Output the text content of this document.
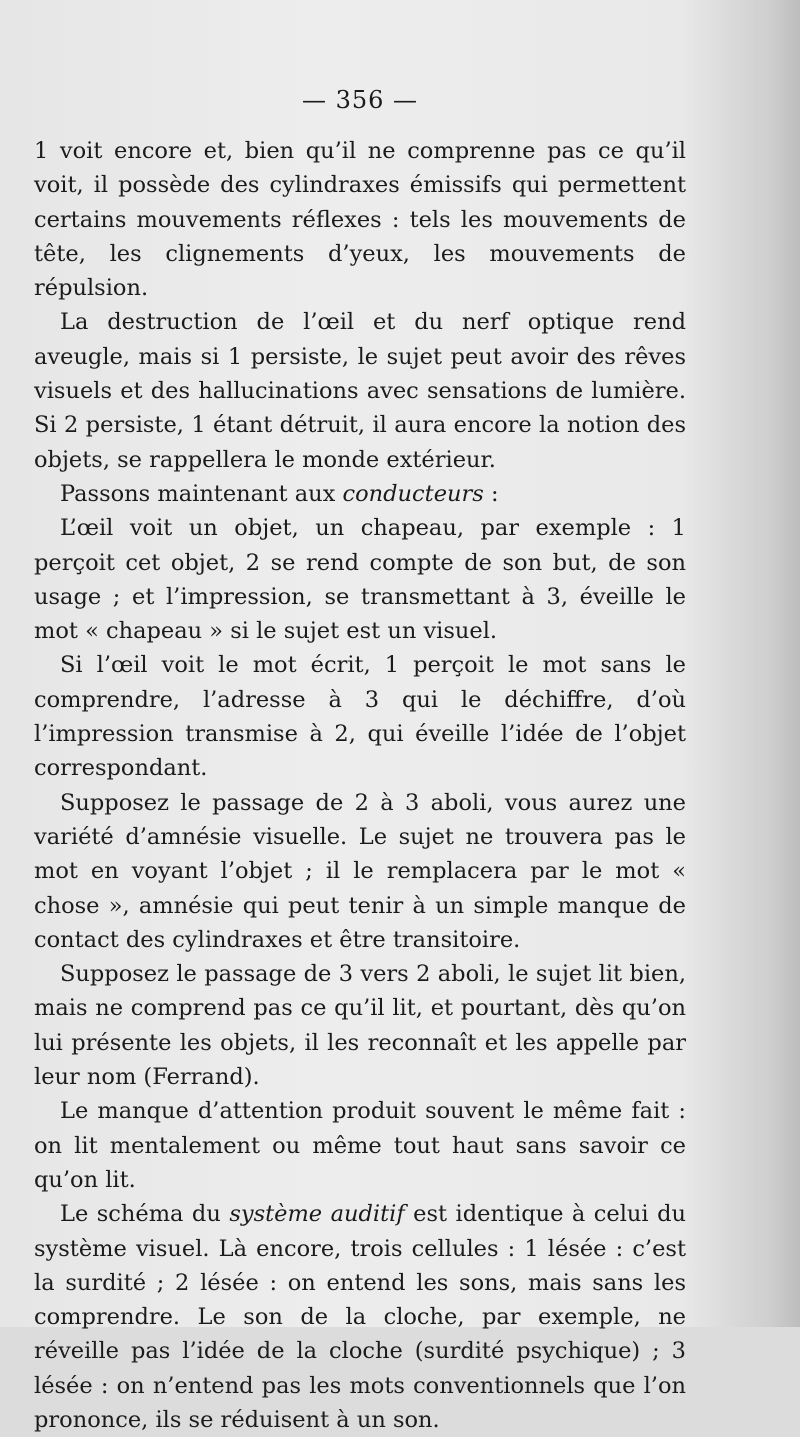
— 356 —

1 voit encore et, bien qu’il ne comprenne pas ce qu’il voit, il possède des cylindraxes émissifs qui permettent certains mouvements réflexes : tels les mouvements de tête, les clignements d’yeux, les mouvements de répulsion.

La destruction de l’œil et du nerf optique rend aveugle, mais si 1 persiste, le sujet peut avoir des rêves visuels et des hallucinations avec sensations de lumière. Si 2 persiste, 1 étant détruit, il aura encore la notion des objets, se rappellera le monde extérieur.

Passons maintenant aux conducteurs :

L’œil voit un objet, un chapeau, par exemple : 1 perçoit cet objet, 2 se rend compte de son but, de son usage ; et l’impression, se transmettant à 3, éveille le mot « chapeau » si le sujet est un visuel.

Si l’œil voit le mot écrit, 1 perçoit le mot sans le comprendre, l’adresse à 3 qui le déchiffre, d’où l’impression transmise à 2, qui éveille l’idée de l’objet correspondant.

Supposez le passage de 2 à 3 aboli, vous aurez une variété d’amnésie visuelle. Le sujet ne trouvera pas le mot en voyant l’objet ; il le remplacera par le mot « chose », amnésie qui peut tenir à un simple manque de contact des cylindraxes et être transitoire.

Supposez le passage de 3 vers 2 aboli, le sujet lit bien, mais ne comprend pas ce qu’il lit, et pourtant, dès qu’on lui présente les objets, il les reconnaît et les appelle par leur nom (Ferrand).

Le manque d’attention produit souvent le même fait : on lit mentalement ou même tout haut sans savoir ce qu’on lit.

Le schéma du système auditif est identique à celui du système visuel. Là encore, trois cellules : 1 lésée : c’est la surdité ; 2 lésée : on entend les sons, mais sans les comprendre. Le son de la cloche, par exemple, ne réveille pas l’idée de la cloche (surdité psychique) ; 3 lésée : on n’entend pas les mots conventionnels que l’on prononce, ils se réduisent à un son.
